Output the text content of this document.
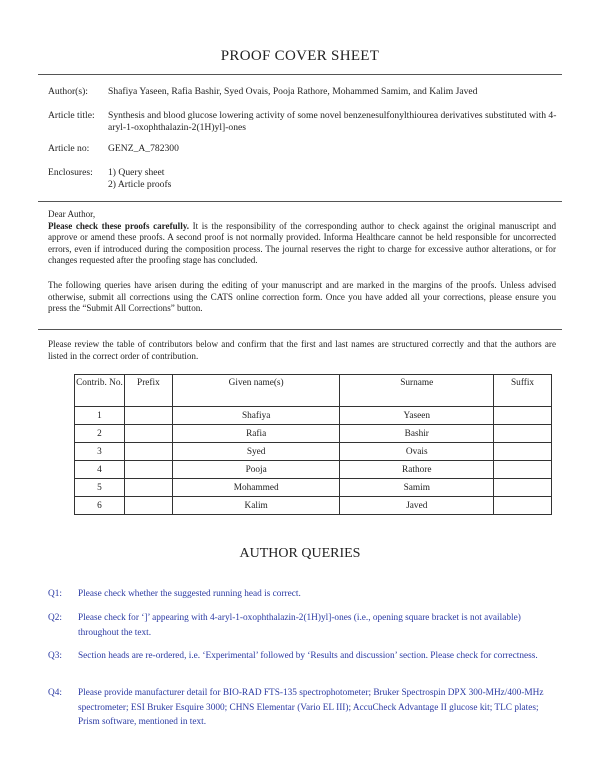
PROOF COVER SHEET
Author(s): Shafiya Yaseen, Rafia Bashir, Syed Ovais, Pooja Rathore, Mohammed Samim, and Kalim Javed
Article title: Synthesis and blood glucose lowering activity of some novel benzenesulfonylthiourea derivatives substituted with 4-aryl-1-oxophthalazin-2(1H)yl]-ones
Article no: GENZ_A_782300
Enclosures: 1) Query sheet
2) Article proofs
Dear Author,
Please check these proofs carefully. It is the responsibility of the corresponding author to check against the original manuscript and approve or amend these proofs. A second proof is not normally provided. Informa Healthcare cannot be held responsible for uncorrected errors, even if introduced during the composition process. The journal reserves the right to charge for excessive author alterations, or for changes requested after the proofing stage has concluded.
The following queries have arisen during the editing of your manuscript and are marked in the margins of the proofs. Unless advised otherwise, submit all corrections using the CATS online correction form. Once you have added all your corrections, please ensure you press the “Submit All Corrections” button.
Please review the table of contributors below and confirm that the first and last names are structured correctly and that the authors are listed in the correct order of contribution.
Contrib. No.	Prefix	Given name(s)	Surname	Suffix
1		Shafiya	Yaseen	
2		Rafia	Bashir	
3		Syed	Ovais	
4		Pooja	Rathore	
5		Mohammed	Samim	
6		Kalim	Javed	
AUTHOR QUERIES
Q1: Please check whether the suggested running head is correct.
Q2: Please check for ‘]’ appearing with 4-aryl-1-oxophthalazin-2(1H)yl]-ones (i.e., opening square bracket is not available) throughout the text.
Q3: Section heads are re-ordered, i.e. ‘Experimental’ followed by ‘Results and discussion’ section. Please check for correctness.
Q4: Please provide manufacturer detail for BIO-RAD FTS-135 spectrophotometer; Bruker Spectrospin DPX 300-MHz/400-MHz spectrometer; ESI Bruker Esquire 3000; CHNS Elementar (Vario EL III); AccuCheck Advantage II glucose kit; TLC plates; Prism software, mentioned in text.
